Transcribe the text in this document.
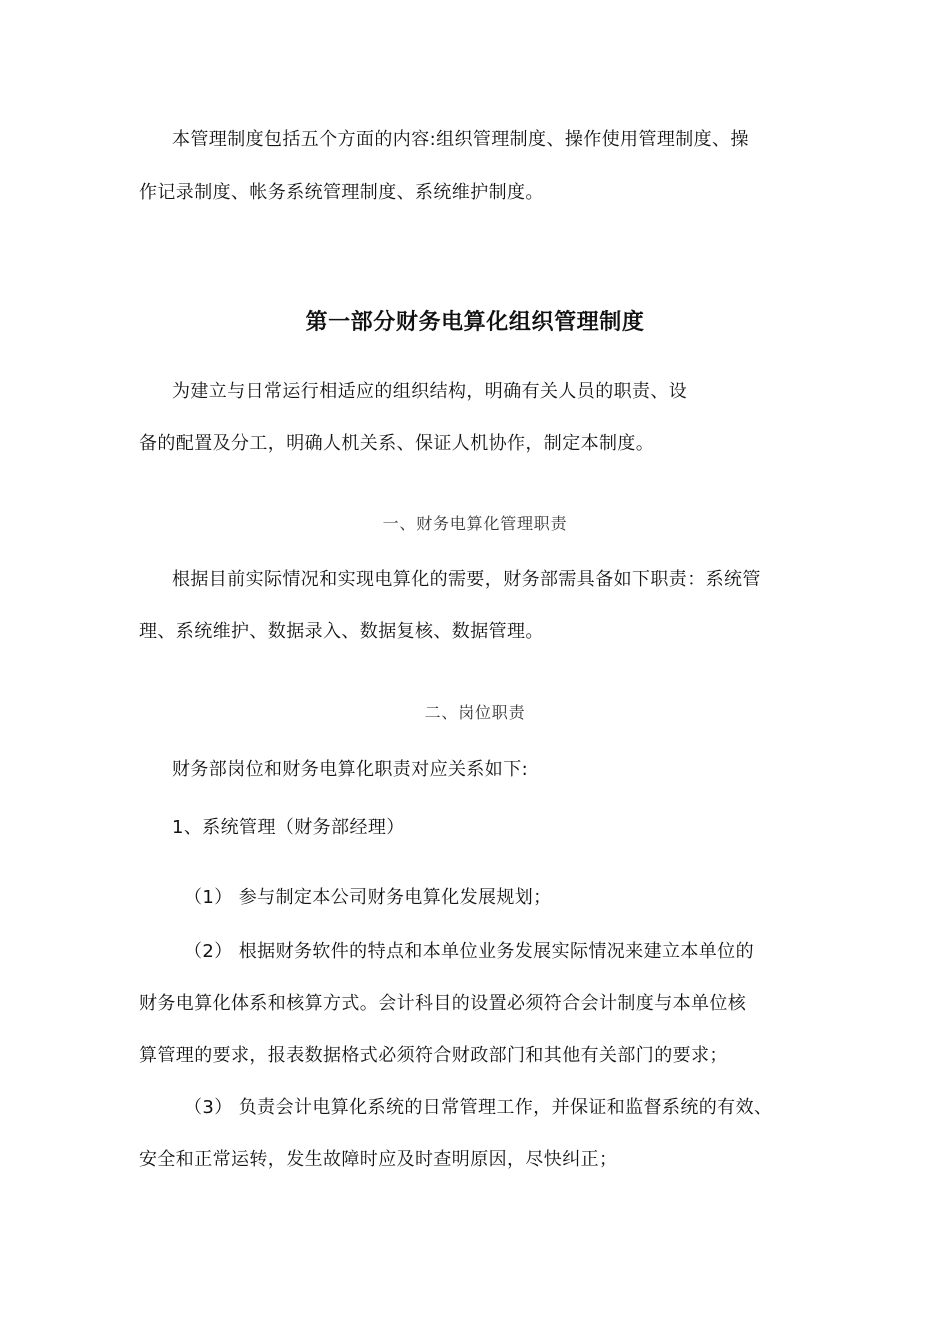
本管理制度包括五个方面的内容:组织管理制度、操作使用管理制度、操
作记录制度、帐务系统管理制度、系统维护制度。
第一部分财务电算化组织管理制度
为建立与日常运行相适应的组织结构，明确有关人员的职责、设
备的配置及分工，明确人机关系、保证人机协作，制定本制度。
一、财务电算化管理职责
根据目前实际情况和实现电算化的需要，财务部需具备如下职责：系统管
理、系统维护、数据录入、数据复核、数据管理。
二、岗位职责
财务部岗位和财务电算化职责对应关系如下:
1、系统管理（财务部经理）
（1） 参与制定本公司财务电算化发展规划；
（2） 根据财务软件的特点和本单位业务发展实际情况来建立本单位的
财务电算化体系和核算方式。会计科目的设置必须符合会计制度与本单位核
算管理的要求，报表数据格式必须符合财政部门和其他有关部门的要求；
（3） 负责会计电算化系统的日常管理工作，并保证和监督系统的有效、
安全和正常运转，发生故障时应及时查明原因，尽快纠正；
